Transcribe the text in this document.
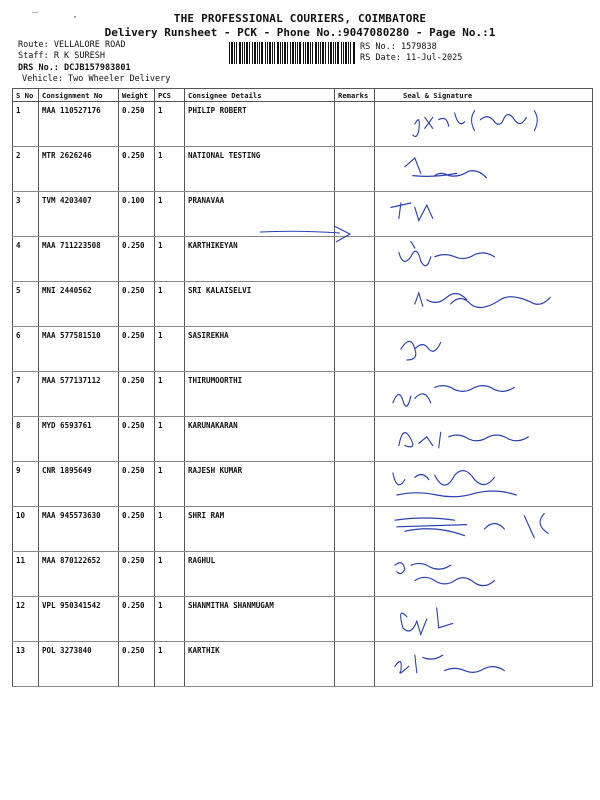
‾	·	THE PROFESSIONAL COURIERS, COIMBATORE
Delivery Runsheet - PCK - Phone No.:9047080280 - Page No.:1
Route: VELLALORE ROAD
Staff: R K SURESH
DRS No.: DCJB157983801
Vehicle: Two Wheeler Delivery
RS No.: 1579838
RS Date: 11-Jul-2025
S No	Consignment No	Weight	PCS	Consignee Details	Remarks	Seal & Signature
1	MAA 110527176	0.250	1	PHILIP ROBERT		

2	MTR 2626246	0.250	1	NATIONAL TESTING		

3	TVM 4203407	0.100	1	PRANAVAA		

4	MAA 711223508	0.250	1	KARTHIKEYAN		

5	MNI 2440562	0.250	1	SRI KALAISELVI		

6	MAA 577581510	0.250	1	SASIREKHA		

7	MAA 577137112	0.250	1	THIRUMOORTHI		

8	MYD 6593761	0.250	1	KARUNAKARAN		

9	CNR 1895649	0.250	1	RAJESH KUMAR		

10	MAA 945573630	0.250	1	SHRI RAM		

11	MAA 870122652	0.250	1	RAGHUL		

12	VPL 950341542	0.250	1	SHANMITHA SHANMUGAM		

13	POL 3273840	0.250	1	KARTHIK		
